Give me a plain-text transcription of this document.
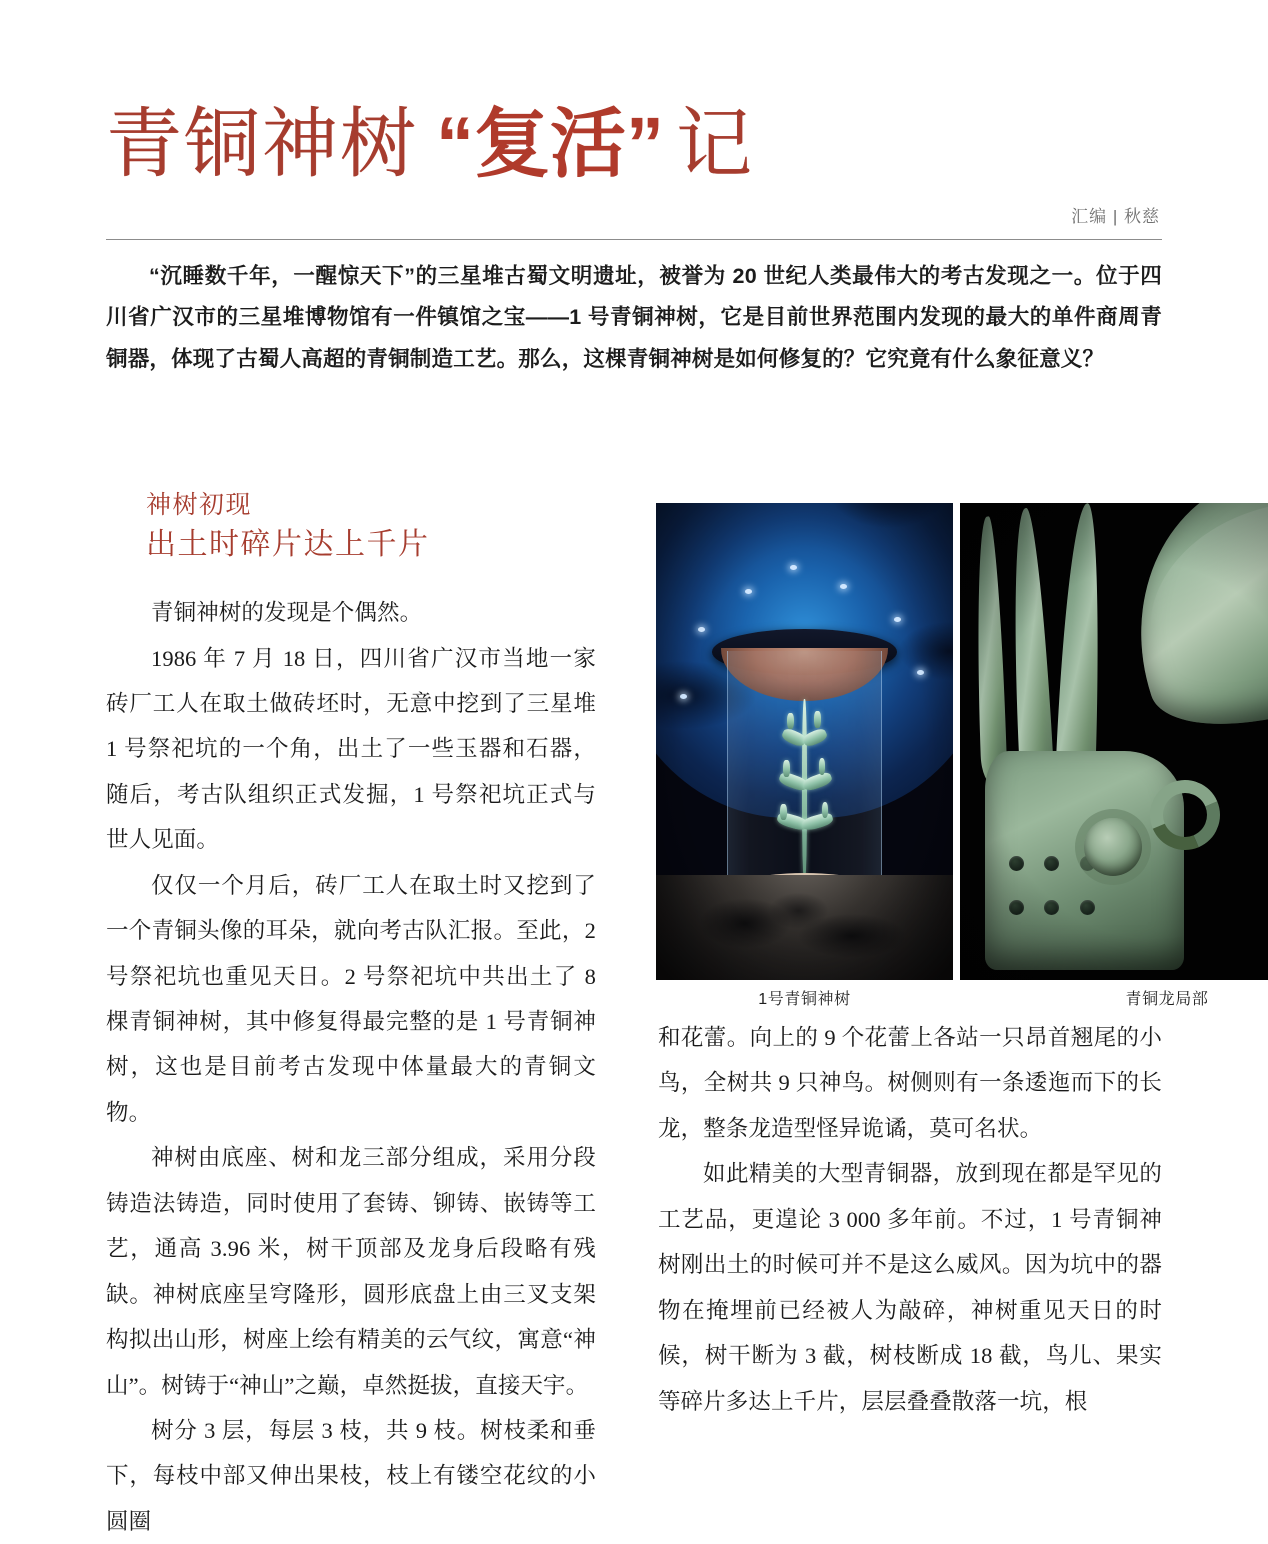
青铜神树 “复活” 记
汇编 | 秋慈
“沉睡数千年，一醒惊天下”的三星堆古蜀文明遗址，被誉为 20 世纪人类最伟大的考古发现之一。位于四川省广汉市的三星堆博物馆有一件镇馆之宝——1 号青铜神树，它是目前世界范围内发现的最大的单件商周青铜器，体现了古蜀人高超的青铜制造工艺。那么，这棵青铜神树是如何修复的？它究竟有什么象征意义？
神树初现
出土时碎片达上千片

青铜神树的发现是个偶然。

1986 年 7 月 18 日，四川省广汉市当地一家砖厂工人在取土做砖坯时，无意中挖到了三星堆 1 号祭祀坑的一个角，出土了一些玉器和石器，随后，考古队组织正式发掘，1 号祭祀坑正式与世人见面。

仅仅一个月后，砖厂工人在取土时又挖到了一个青铜头像的耳朵，就向考古队汇报。至此，2 号祭祀坑也重见天日。2 号祭祀坑中共出土了 8 棵青铜神树，其中修复得最完整的是 1 号青铜神树，这也是目前考古发现中体量最大的青铜文物。

神树由底座、树和龙三部分组成，采用分段铸造法铸造，同时使用了套铸、铆铸、嵌铸等工艺，通高 3.96 米，树干顶部及龙身后段略有残缺。神树底座呈穹隆形，圆形底盘上由三叉支架构拟出山形，树座上绘有精美的云气纹，寓意“神山”。树铸于“神山”之巅，卓然挺拔，直接天宇。

树分 3 层，每层 3 枝，共 9 枝。树枝柔和垂下，每枝中部又伸出果枝，枝上有镂空花纹的小圆圈

和花蕾。向上的 9 个花蕾上各站一只昂首翘尾的小鸟，全树共 9 只神鸟。树侧则有一条逶迤而下的长龙，整条龙造型怪异诡谲，莫可名状。

如此精美的大型青铜器，放到现在都是罕见的工艺品，更遑论 3 000 多年前。不过，1 号青铜神树刚出土的时候可并不是这么威风。因为坑中的器物在掩埋前已经被人为敲碎，神树重见天日的时候，树干断为 3 截，树枝断成 18 截，鸟儿、果实等碎片多达上千片，层层叠叠散落一坑，根

1号青铜神树	青铜龙局部
